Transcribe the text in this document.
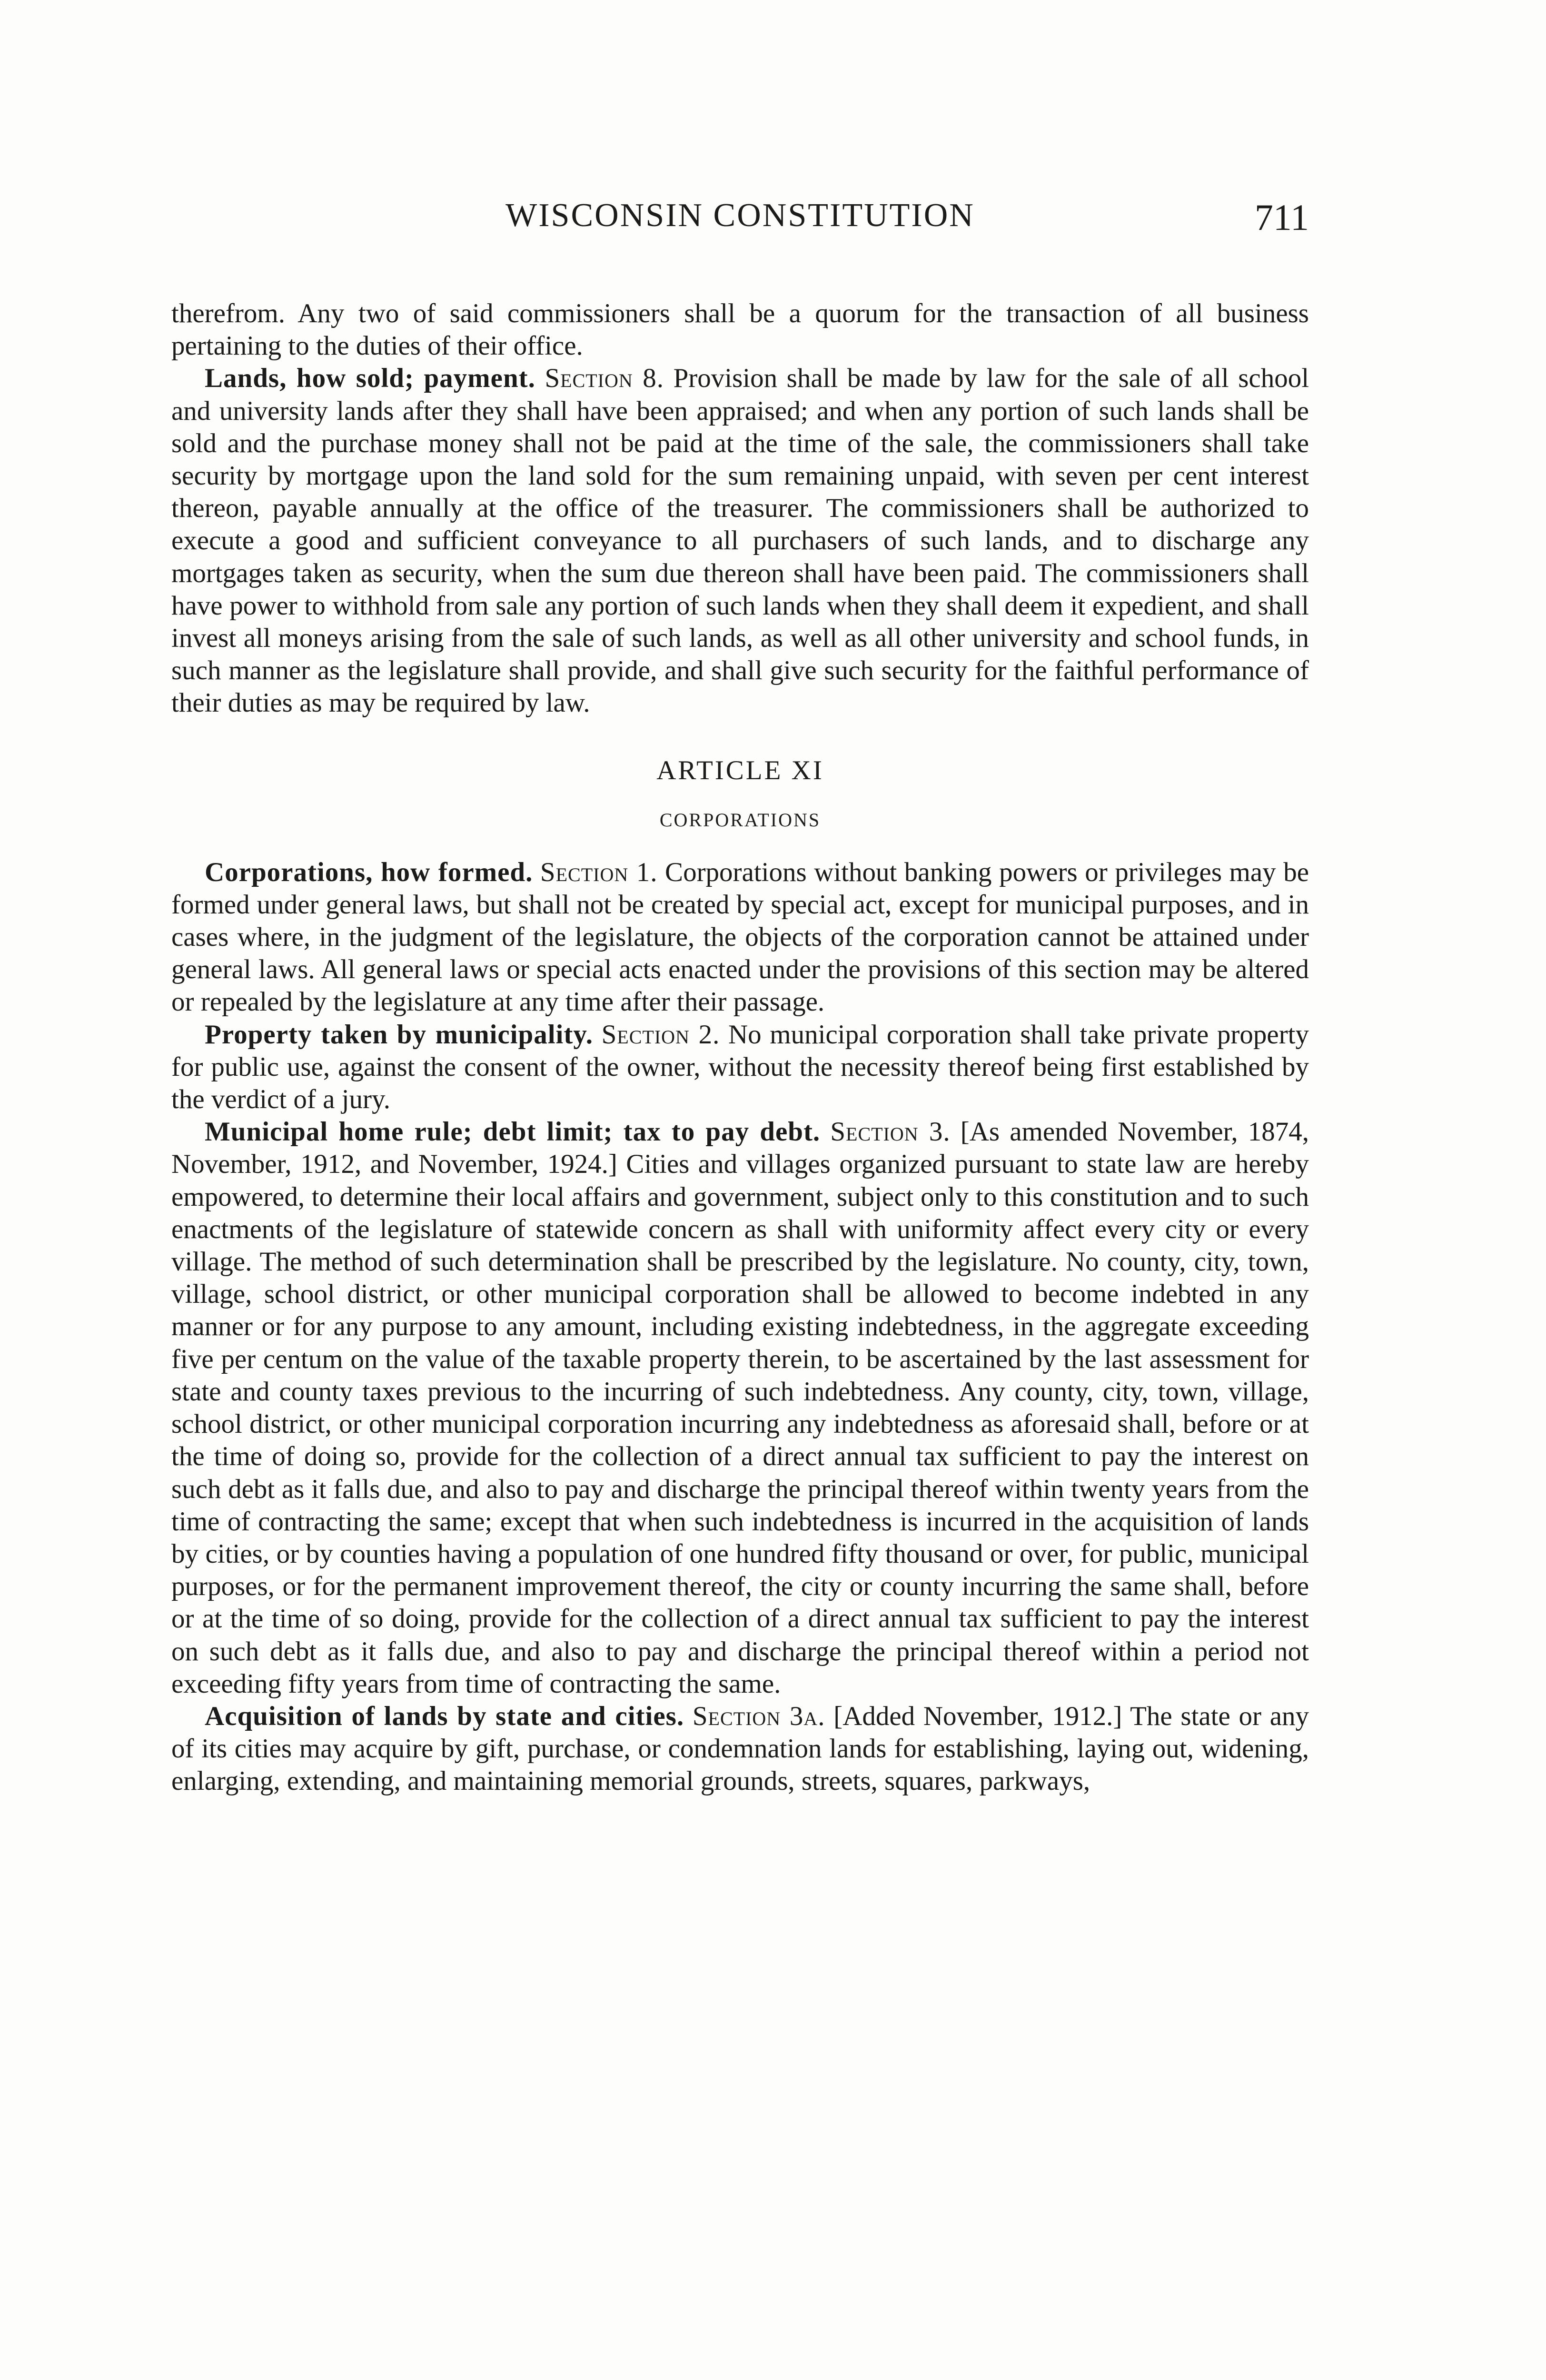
WISCONSIN CONSTITUTION	711

therefrom. Any two of said commissioners shall be a quorum for the transaction of all business pertaining to the duties of their office.

Lands, how sold; payment. Section 8. Provision shall be made by law for the sale of all school and university lands after they shall have been appraised; and when any portion of such lands shall be sold and the purchase money shall not be paid at the time of the sale, the commissioners shall take security by mortgage upon the land sold for the sum remaining unpaid, with seven per cent interest thereon, payable annually at the office of the treasurer. The commissioners shall be authorized to execute a good and sufficient conveyance to all purchasers of such lands, and to discharge any mortgages taken as security, when the sum due thereon shall have been paid. The commissioners shall have power to withhold from sale any portion of such lands when they shall deem it expedient, and shall invest all moneys arising from the sale of such lands, as well as all other university and school funds, in such manner as the legislature shall provide, and shall give such security for the faithful performance of their duties as may be required by law.

ARTICLE XI
CORPORATIONS

Corporations, how formed. Section 1. Corporations without banking powers or privileges may be formed under general laws, but shall not be created by special act, except for municipal purposes, and in cases where, in the judgment of the legislature, the objects of the corporation cannot be attained under general laws. All general laws or special acts enacted under the provisions of this section may be altered or repealed by the legislature at any time after their passage.

Property taken by municipality. Section 2. No municipal corporation shall take private property for public use, against the consent of the owner, without the necessity thereof being first established by the verdict of a jury.

Municipal home rule; debt limit; tax to pay debt. Section 3. [As amended November, 1874, November, 1912, and November, 1924.] Cities and villages organized pursuant to state law are hereby empowered, to determine their local affairs and government, subject only to this constitution and to such enactments of the legislature of statewide concern as shall with uniformity affect every city or every village. The method of such determination shall be prescribed by the legislature. No county, city, town, village, school district, or other municipal corporation shall be allowed to become indebted in any manner or for any purpose to any amount, including existing indebtedness, in the aggregate exceeding five per centum on the value of the taxable property therein, to be ascertained by the last assessment for state and county taxes previous to the incurring of such indebtedness. Any county, city, town, village, school district, or other municipal corporation incurring any indebtedness as aforesaid shall, before or at the time of doing so, provide for the collection of a direct annual tax sufficient to pay the interest on such debt as it falls due, and also to pay and discharge the principal thereof within twenty years from the time of contracting the same; except that when such indebtedness is incurred in the acquisition of lands by cities, or by counties having a population of one hundred fifty thousand or over, for public, municipal purposes, or for the permanent improvement thereof, the city or county incurring the same shall, before or at the time of so doing, provide for the collection of a direct annual tax sufficient to pay the interest on such debt as it falls due, and also to pay and discharge the principal thereof within a period not exceeding fifty years from time of contracting the same.

Acquisition of lands by state and cities. Section 3a. [Added November, 1912.] The state or any of its cities may acquire by gift, purchase, or condemnation lands for establishing, laying out, widening, enlarging, extending, and maintaining memorial grounds, streets, squares, parkways,
